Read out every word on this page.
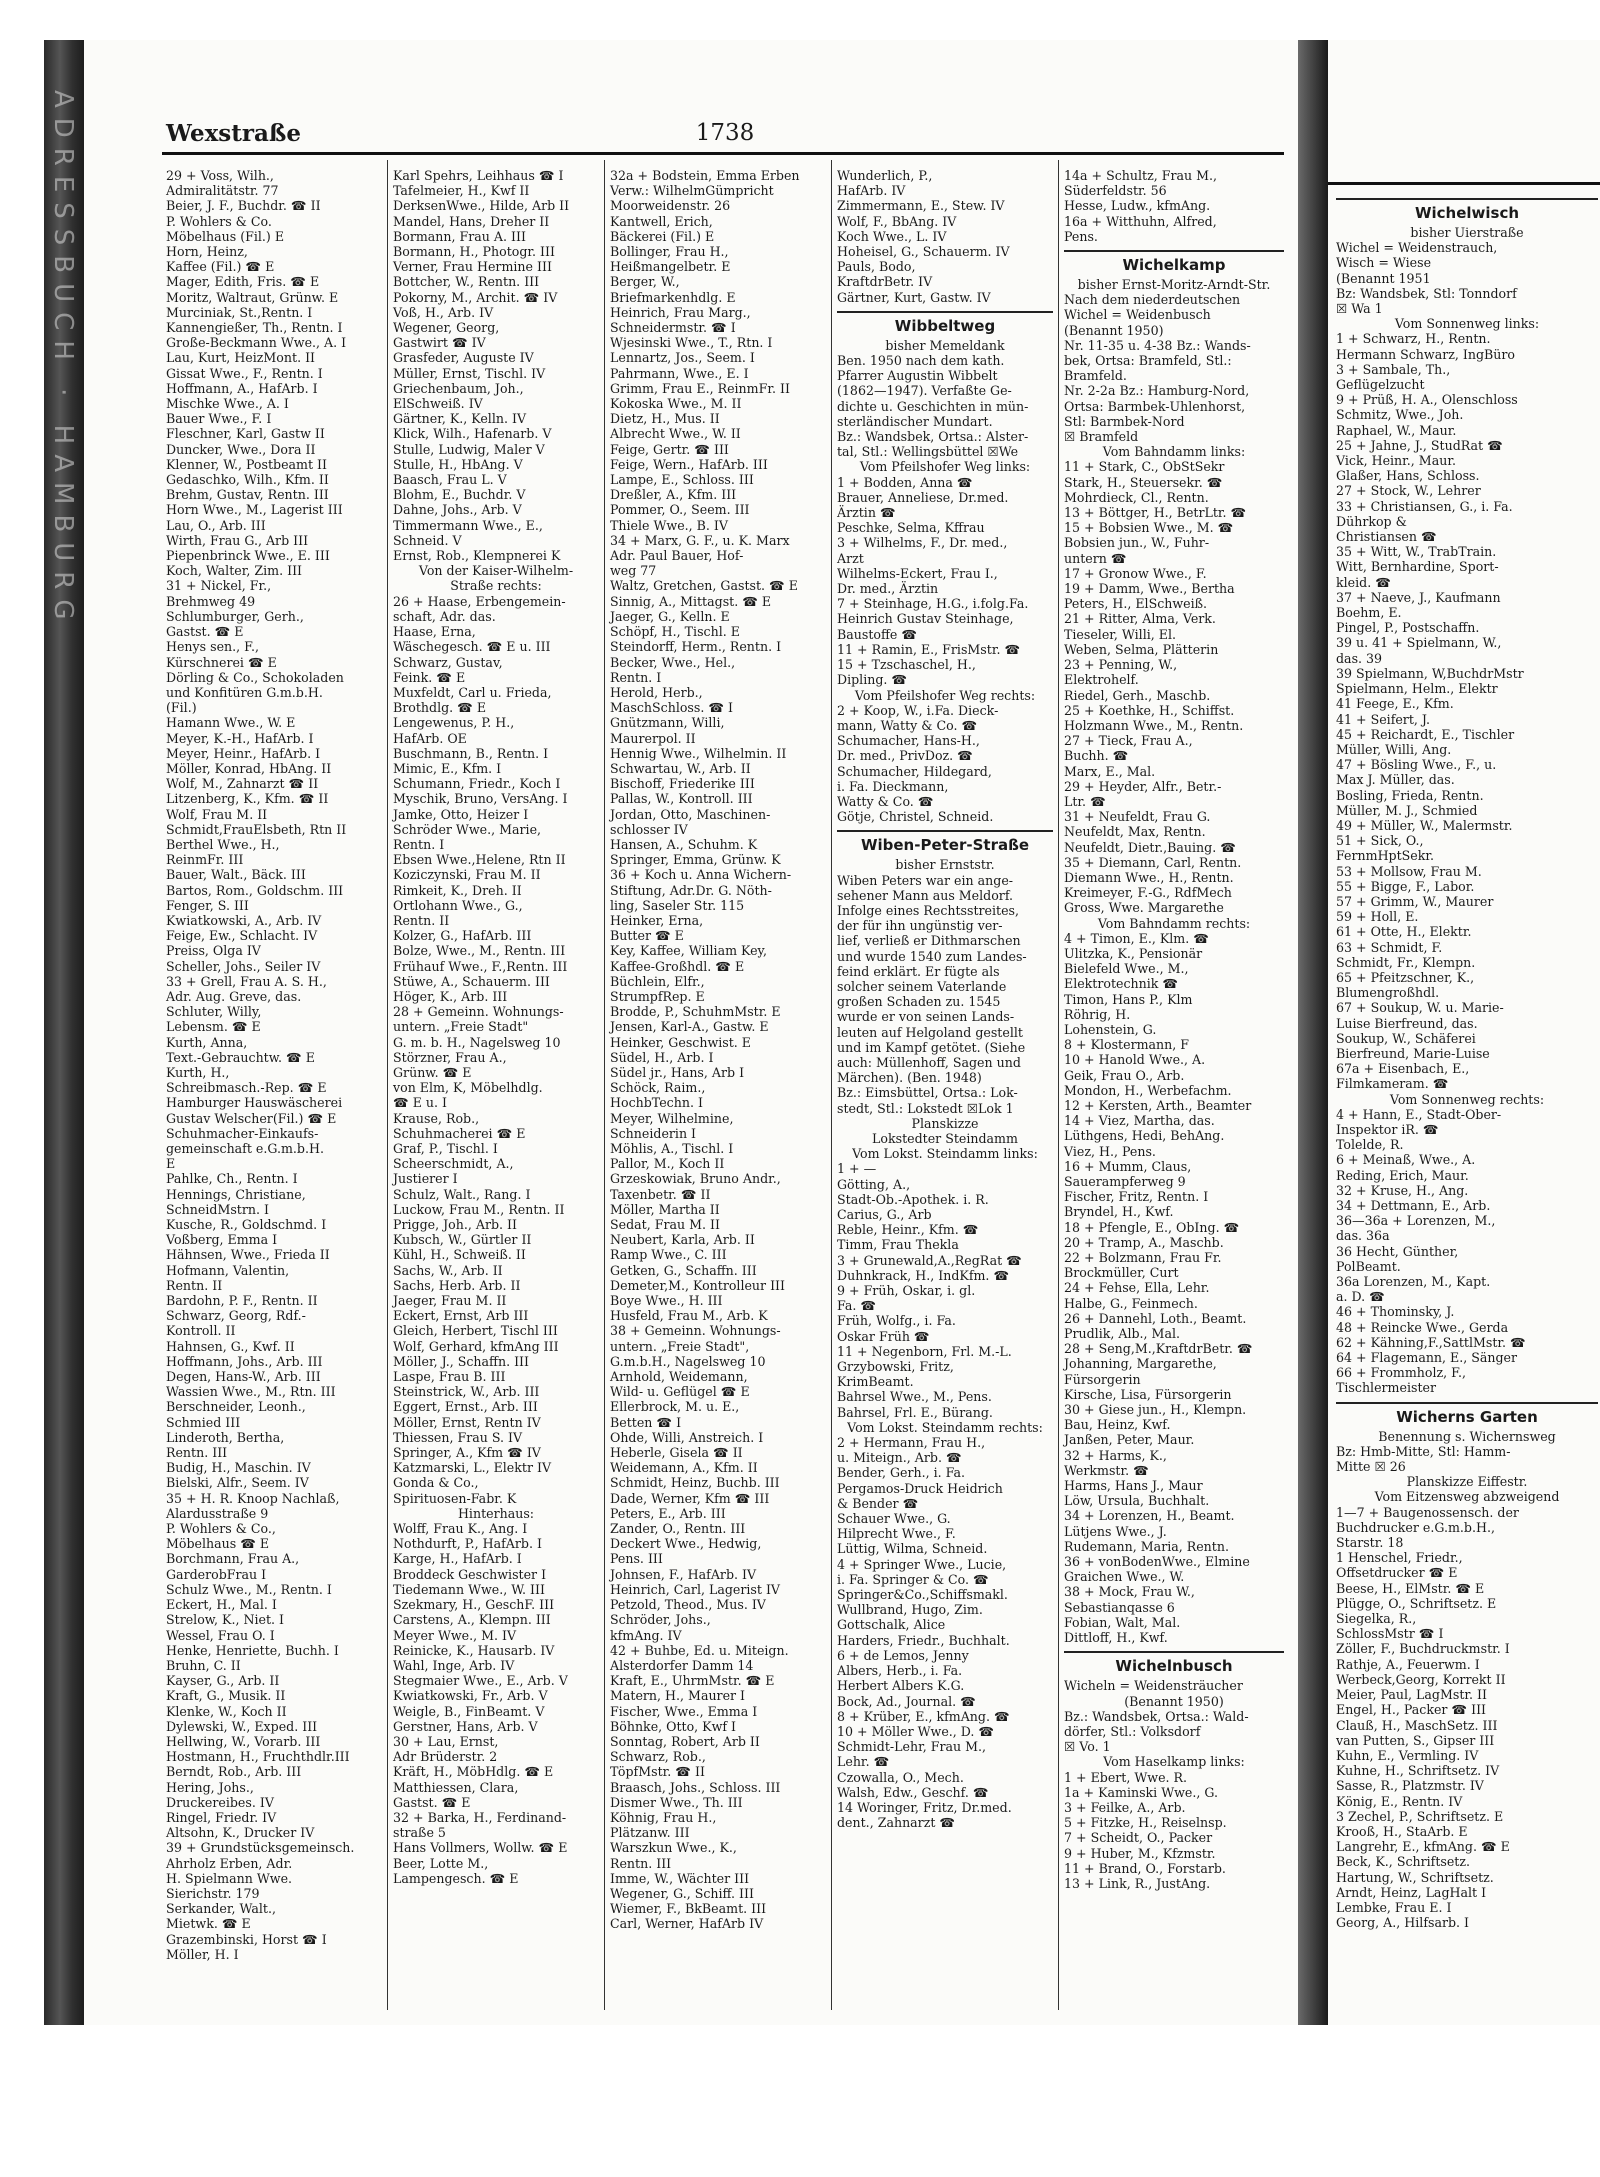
ADRESSBUCH · HAMBURG	Wichelwisch
bisher Uierstraße
Wichel = Weidenstrauch,
Wisch = Wiese
(Benannt 1951
Bz: Wandsbek, Stl: Tonndorf
☒ Wa 1
Vom Sonnenweg links:
1 + Schwarz, H., Rentn.
Hermann Schwarz, IngBüro
3 + Sambale, Th.,
Geflügelzucht
9 + Prüß, H. A., Olenschloss
Schmitz, Wwe., Joh.
Raphael, W., Maur.
25 + Jahne, J., StudRat ☎
Vick, Heinr., Maur.
Glaßer, Hans, Schloss.
27 + Stock, W., Lehrer
33 + Christiansen, G., i. Fa.
Dührkop &
Christiansen ☎
35 + Witt, W., TrabTrain.
Witt, Bernhardine, Sport-
kleid. ☎
37 + Naeve, J., Kaufmann
Boehm, E.
Pingel, P., Postschaffn.
39 u. 41 + Spielmann, W.,
das. 39
39 Spielmann, W,BuchdrMstr
Spielmann, Helm., Elektr
41 Feege, E., Kfm.
41 + Seifert, J.
45 + Reichardt, E., Tischler
Müller, Willi, Ang.
47 + Bösling Wwe., F., u.
Max J. Müller, das.
Bosling, Frieda, Rentn.
Müller, M. J., Schmied
49 + Müller, W., Malermstr.
51 + Sick, O.,
FernmHptSekr.
53 + Mollsow, Frau M.
55 + Bigge, F., Labor.
57 + Grimm, W., Maurer
59 + Holl, E.
61 + Otte, H., Elektr.
63 + Schmidt, F.
Schmidt, Fr., Klempn.
65 + Pfeitzschner, K.,
Blumengroßhdl.
67 + Soukup, W. u. Marie-
Luise Bierfreund, das.
Soukup, W., Schäferei
Bierfreund, Marie-Luise
67a + Eisenbach, E.,
Filmkameram. ☎
Vom Sonnenweg rechts:
4 + Hann, E., Stadt-Ober-
Inspektor iR. ☎
Tolelde, R.
6 + Meinaß, Wwe., A.
Reding, Erich, Maur.
32 + Kruse, H., Ang.
34 + Dettmann, E., Arb.
36—36a + Lorenzen, M.,
das. 36a
36 Hecht, Günther,
PolBeamt.
36a Lorenzen, M., Kapt.
a. D. ☎
46 + Thominsky, J.
48 + Reincke Wwe., Gerda
62 + Kähning,F.,SattlMstr. ☎
64 + Flagemann, E., Sänger
66 + Frommholz, F.,
Tischlermeister
Wicherns Garten
Benennung s. Wichernsweg
Bz: Hmb-Mitte, Stl: Hamm-
Mitte ☒ 26
Planskizze Eiffestr.
Vom Eitzensweg abzweigend
1—7 + Baugenossensch. der
Buchdrucker e.G.m.b.H.,
Starstr. 18
1 Henschel, Friedr.,
Offsetdrucker ☎ E
Beese, H., ElMstr. ☎ E
Plügge, O., Schriftsetz. E
Siegelka, R.,
SchlossMstr ☎ I
Zöller, F., Buchdruckmstr. I
Rathje, A., Feuerwm. I
Werbeck,Georg, Korrekt II
Meier, Paul, LagMstr. II
Engel, H., Packer ☎ III
Clauß, H., MaschSetz. III
van Putten, S., Gipser III
Kuhn, E., Vermling. IV
Kuhne, H., Schriftsetz. IV
Sasse, R., Platzmstr. IV
König, E., Rentn. IV
3 Zechel, P., Schriftsetz. E
Krooß, H., StaArb. E
Langrehr, E., kfmAng. ☎ E
Beck, K., Schriftsetz.
Hartung, W., Schriftsetz.
Arndt, Heinz, LagHalt I
Lembke, Frau E. I
Georg, A., Hilfsarb. I
Wexstraße	1738
29 + Voss, Wilh.,
Admiralitätstr. 77
Beier, J. F., Buchdr. ☎ II
P. Wohlers & Co.
Möbelhaus (Fil.) E
Horn, Heinz,
Kaffee (Fil.) ☎ E
Mager, Edith, Fris. ☎ E
Moritz, Waltraut, Grünw. E
Murciniak, St.,Rentn. I
Kannengießer, Th., Rentn. I
Große-Beckmann Wwe., A. I
Lau, Kurt, HeizMont. II
Gissat Wwe., F., Rentn. I
Hoffmann, A., HafArb. I
Mischke Wwe., A. I
Bauer Wwe., F. I
Fleschner, Karl, Gastw II
Duncker, Wwe., Dora II
Klenner, W., Postbeamt II
Gedaschko, Wilh., Kfm. II
Brehm, Gustav, Rentn. III
Horn Wwe., M., Lagerist III
Lau, O., Arb. III
Wirth, Frau G., Arb III
Piepenbrinck Wwe., E. III
Koch, Walter, Zim. III
31 + Nickel, Fr.,
Brehmweg 49
Schlumburger, Gerh.,
Gastst. ☎ E
Henys sen., F.,
Kürschnerei ☎ E
Dörling & Co., Schokoladen
und Konfitüren G.m.b.H.
(Fil.)
Hamann Wwe., W. E
Meyer, K.-H., HafArb. I
Meyer, Heinr., HafArb. I
Möller, Konrad, HbAng. II
Wolf, M., Zahnarzt ☎ II
Litzenberg, K., Kfm. ☎ II
Wolf, Frau M. II
Schmidt,FrauElsbeth, Rtn II
Berthel Wwe., H.,
ReinmFr. III
Bauer, Walt., Bäck. III
Bartos, Rom., Goldschm. III
Fenger, S. III
Kwiatkowski, A., Arb. IV
Feige, Ew., Schlacht. IV
Preiss, Olga IV
Scheller, Johs., Seiler IV
33 + Grell, Frau A. S. H.,
Adr. Aug. Greve, das.
Schluter, Willy,
Lebensm. ☎ E
Kurth, Anna,
Text.-Gebrauchtw. ☎ E
Kurth, H.,
Schreibmasch.-Rep. ☎ E
Hamburger Hauswäscherei
Gustav Welscher(Fil.) ☎ E
Schuhmacher-Einkaufs-
gemeinschaft e.G.m.b.H.
E
Pahlke, Ch., Rentn. I
Hennings, Christiane,
SchneidMstrn. I
Kusche, R., Goldschmd. I
Voßberg, Emma I
Hähnsen, Wwe., Frieda II
Hofmann, Valentin,
Rentn. II
Bardohn, P. F., Rentn. II
Schwarz, Georg, Rdf.-
Kontroll. II
Hahnsen, G., Kwf. II
Hoffmann, Johs., Arb. III
Degen, Hans-W., Arb. III
Wassien Wwe., M., Rtn. III
Berschneider, Leonh.,
Schmied III
Linderoth, Bertha,
Rentn. III
Budig, H., Maschin. IV
Bielski, Alfr., Seem. IV
35 + H. R. Knoop Nachlaß,
Alardusstraße 9
P. Wohlers & Co.,
Möbelhaus ☎ E
Borchmann, Frau A.,
GarderobFrau I
Schulz Wwe., M., Rentn. I
Eckert, H., Mal. I
Strelow, K., Niet. I
Wessel, Frau O. I
Henke, Henriette, Buchh. I
Bruhn, C. II
Kayser, G., Arb. II
Kraft, G., Musik. II
Klenke, W., Koch II
Dylewski, W., Exped. III
Hellwing, W., Vorarb. III
Hostmann, H., Fruchthdlr.III
Berndt, Rob., Arb. III
Hering, Johs.,
Druckereibes. IV
Ringel, Friedr. IV
Altsohn, K., Drucker IV
39 + Grundstücksgemeinsch.
Ahrholz Erben, Adr.
H. Spielmann Wwe.
Sierichstr. 179
Serkander, Walt.,
Mietwk. ☎ E
Grazembinski, Horst ☎ I
Möller, H. I
Karl Spehrs, Leihhaus ☎ I
Tafelmeier, H., Kwf II
DerksenWwe., Hilde, Arb II
Mandel, Hans, Dreher II
Bormann, Frau A. III
Bormann, H., Photogr. III
Verner, Frau Hermine III
Bottcher, W., Rentn. III
Pokorny, M., Archit. ☎ IV
Voß, H., Arb. IV
Wegener, Georg,
Gastwirt ☎ IV
Grasfeder, Auguste IV
Müller, Ernst, Tischl. IV
Griechenbaum, Joh.,
ElSchweiß. IV
Gärtner, K., Kelln. IV
Klick, Wilh., Hafenarb. V
Stulle, Ludwig, Maler V
Stulle, H., HbAng. V
Baasch, Frau L. V
Blohm, E., Buchdr. V
Dahne, Johs., Arb. V
Timmermann Wwe., E.,
Schneid. V
Ernst, Rob., Klempnerei K
Von der Kaiser-Wilhelm-
Straße rechts:
26 + Haase, Erbengemein-
schaft, Adr. das.
Haase, Erna,
Wäschegesch. ☎ E u. III
Schwarz, Gustav,
Feink. ☎ E
Muxfeldt, Carl u. Frieda,
Brothdlg. ☎ E
Lengewenus, P. H.,
HafArb. OE
Buschmann, B., Rentn. I
Mimic, E., Kfm. I
Schumann, Friedr., Koch I
Myschik, Bruno, VersAng. I
Jamke, Otto, Heizer I
Schröder Wwe., Marie,
Rentn. I
Ebsen Wwe.,Helene, Rtn II
Koziczynski, Frau M. II
Rimkeit, K., Dreh. II
Ortlohann Wwe., G.,
Rentn. II
Kolzer, G., HafArb. III
Bolze, Wwe., M., Rentn. III
Frühauf Wwe., F.,Rentn. III
Stüwe, A., Schauerm. III
Höger, K., Arb. III
28 + Gemeinn. Wohnungs-
untern. „Freie Stadt"
G. m. b. H., Nagelsweg 10
Störzner, Frau A.,
Grünw. ☎ E
von Elm, K, Möbelhdlg.
☎ E u. I
Krause, Rob.,
Schuhmacherei ☎ E
Graf, P., Tischl. I
Scheerschmidt, A.,
Justierer I
Schulz, Walt., Rang. I
Luckow, Frau M., Rentn. II
Prigge, Joh., Arb. II
Kubsch, W., Gürtler II
Kühl, H., Schweiß. II
Sachs, W., Arb. II
Sachs, Herb. Arb. II
Jaeger, Frau M. II
Eckert, Ernst, Arb III
Gleich, Herbert, Tischl III
Wolf, Gerhard, kfmAng III
Möller, J., Schaffn. III
Laspe, Frau B. III
Steinstrick, W., Arb. III
Eggert, Ernst., Arb. III
Möller, Ernst, Rentn IV
Thiessen, Frau S. IV
Springer, A., Kfm ☎ IV
Katzmarski, L., Elektr IV
Gonda & Co.,
Spirituosen-Fabr. K
Hinterhaus:
Wolff, Frau K., Ang. I
Nothdurft, P., HafArb. I
Karge, H., HafArb. I
Broddeck Geschwister I
Tiedemann Wwe., W. III
Szekmary, H., GeschF. III
Carstens, A., Klempn. III
Meyer Wwe., M. IV
Reinicke, K., Hausarb. IV
Wahl, Inge, Arb. IV
Stegmaier Wwe., E., Arb. V
Kwiatkowski, Fr., Arb. V
Weigle, B., FinBeamt. V
Gerstner, Hans, Arb. V
30 + Lau, Ernst,
Adr Brüderstr. 2
Kräft, H., MöbHdlg. ☎ E
Matthiessen, Clara,
Gastst. ☎ E
32 + Barka, H., Ferdinand-
straße 5
Hans Vollmers, Wollw. ☎ E
Beer, Lotte M.,
Lampengesch. ☎ E
32a + Bodstein, Emma Erben
Verw.: WilhelmGümpricht
Moorweidenstr. 26
Kantwell, Erich,
Bäckerei (Fil.) E
Bollinger, Frau H.,
Heißmangelbetr. E
Berger, W.,
Briefmarkenhdlg. E
Heinrich, Frau Marg.,
Schneidermstr. ☎ I
Wjesinski Wwe., T., Rtn. I
Lennartz, Jos., Seem. I
Pahrmann, Wwe., E. I
Grimm, Frau E., ReinmFr. II
Kokoska Wwe., M. II
Dietz, H., Mus. II
Albrecht Wwe., W. II
Feige, Gertr. ☎ III
Feige, Wern., HafArb. III
Lampe, E., Schloss. III
Dreßler, A., Kfm. III
Pommer, O., Seem. III
Thiele Wwe., B. IV
34 + Marx, G. F., u. K. Marx
Adr. Paul Bauer, Hof-
weg 77
Waltz, Gretchen, Gastst. ☎ E
Sinnig, A., Mittagst. ☎ E
Jaeger, G., Kelln. E
Schöpf, H., Tischl. E
Steindorff, Herm., Rentn. I
Becker, Wwe., Hel.,
Rentn. I
Herold, Herb.,
MaschSchloss. ☎ I
Gnützmann, Willi,
Maurerpol. II
Hennig Wwe., Wilhelmin. II
Schwartau, W., Arb. II
Bischoff, Friederike III
Pallas, W., Kontroll. III
Jordan, Otto, Maschinen-
schlosser IV
Hansen, A., Schuhm. K
Springer, Emma, Grünw. K
36 + Koch u. Anna Wichern-
Stiftung, Adr.Dr. G. Nöth-
ling, Saseler Str. 115
Heinker, Erna,
Butter ☎ E
Key, Kaffee, William Key,
Kaffee-Großhdl. ☎ E
Büchlein, Elfr.,
StrumpfRep. E
Brodde, P., SchuhmMstr. E
Jensen, Karl-A., Gastw. E
Heinker, Geschwist. E
Südel, H., Arb. I
Südel jr., Hans, Arb I
Schöck, Raim.,
HochbTechn. I
Meyer, Wilhelmine,
Schneiderin I
Möhlis, A., Tischl. I
Pallor, M., Koch II
Grzeskowiak, Bruno Andr.,
Taxenbetr. ☎ II
Möller, Martha II
Sedat, Frau M. II
Neubert, Karla, Arb. II
Ramp Wwe., C. III
Getken, G., Schaffn. III
Demeter,M., Kontrolleur III
Boye Wwe., H. III
Husfeld, Frau M., Arb. K
38 + Gemeinn. Wohnungs-
untern. „Freie Stadt",
G.m.b.H., Nagelsweg 10
Arnhold, Weidemann,
Wild- u. Geflügel ☎ E
Ellerbrock, M. u. E.,
Betten ☎ I
Ohde, Willi, Anstreich. I
Heberle, Gisela ☎ II
Weidemann, A., Kfm. II
Schmidt, Heinz, Buchb. III
Dade, Werner, Kfm ☎ III
Peters, E., Arb. III
Zander, O., Rentn. III
Deckert Wwe., Hedwig,
Pens. III
Johnsen, F., HafArb. IV
Heinrich, Carl, Lagerist IV
Petzold, Theod., Mus. IV
Schröder, Johs.,
kfmAng. IV
42 + Buhbe, Ed. u. Miteign.
Alsterdorfer Damm 14
Kraft, E., UhrmMstr. ☎ E
Matern, H., Maurer I
Fischer, Wwe., Emma I
Böhnke, Otto, Kwf I
Sonntag, Robert, Arb II
Schwarz, Rob.,
TöpfMstr. ☎ II
Braasch, Johs., Schloss. III
Dismer Wwe., Th. III
Köhnig, Frau H.,
Plätzanw. III
Warszkun Wwe., K.,
Rentn. III
Imme, W., Wächter III
Wegener, G., Schiff. III
Wiemer, F., BkBeamt. III
Carl, Werner, HafArb IV
Wunderlich, P.,
HafArb. IV
Zimmermann, E., Stew. IV
Wolf, F., BbAng. IV
Koch Wwe., L. IV
Hoheisel, G., Schauerm. IV
Pauls, Bodo,
KraftdrBetr. IV
Gärtner, Kurt, Gastw. IV
Wibbeltweg
bisher Memeldank
Ben. 1950 nach dem kath.
Pfarrer Augustin Wibbelt
(1862—1947). Verfaßte Ge-
dichte u. Geschichten in mün-
sterländischer Mundart.
Bz.: Wandsbek, Ortsa.: Alster-
tal, Stl.: Wellingsbüttel ☒We
Vom Pfeilshofer Weg links:
1 + Bodden, Anna ☎
Brauer, Anneliese, Dr.med.
Ärztin ☎
Peschke, Selma, Kffrau
3 + Wilhelms, F., Dr. med.,
Arzt
Wilhelms-Eckert, Frau I.,
Dr. med., Ärztin
7 + Steinhage, H.G., i.folg.Fa.
Heinrich Gustav Steinhage,
Baustoffe ☎
11 + Ramin, E., FrisMstr. ☎
15 + Tzschaschel, H.,
Dipling. ☎
Vom Pfeilshofer Weg rechts:
2 + Koop, W., i.Fa. Dieck-
mann, Watty & Co. ☎
Schumacher, Hans-H.,
Dr. med., PrivDoz. ☎
Schumacher, Hildegard,
i. Fa. Dieckmann,
Watty & Co. ☎
Götje, Christel, Schneid.
Wiben-Peter-Straße
bisher Ernststr.
Wiben Peters war ein ange-
sehener Mann aus Meldorf.
Infolge eines Rechtsstreites,
der für ihn ungünstig ver-
lief, verließ er Dithmarschen
und wurde 1540 zum Landes-
feind erklärt. Er fügte als
solcher seinem Vaterlande
großen Schaden zu. 1545
wurde er von seinen Lands-
leuten auf Helgoland gestellt
und im Kampf getötet. (Siehe
auch: Müllenhoff, Sagen und
Märchen). (Ben. 1948)
Bz.: Eimsbüttel, Ortsa.: Lok-
stedt, Stl.: Lokstedt ☒Lok 1
Planskizze
Lokstedter Steindamm
Vom Lokst. Steindamm links:
1 + —
Götting, A.,
Stadt-Ob.-Apothek. i. R.
Carius, G., Arb
Reble, Heinr., Kfm. ☎
Timm, Frau Thekla
3 + Grunewald,A.,RegRat ☎
Duhnkrack, H., IndKfm. ☎
9 + Früh, Oskar, i. gl.
Fa. ☎
Früh, Wolfg., i. Fa.
Oskar Früh ☎
11 + Negenborn, Frl. M.-L.
Grzybowski, Fritz,
KrimBeamt.
Bahrsel Wwe., M., Pens.
Bahrsel, Frl. E., Bürang.
Vom Lokst. Steindamm rechts:
2 + Hermann, Frau H.,
u. Miteign., Arb. ☎
Bender, Gerh., i. Fa.
Pergamos-Druck Heidrich
& Bender ☎
Schauer Wwe., G.
Hilprecht Wwe., F.
Lüttig, Wilma, Schneid.
4 + Springer Wwe., Lucie,
i. Fa. Springer & Co. ☎
Springer&Co.,Schiffsmakl.
Wullbrand, Hugo, Zim.
Gottschalk, Alice
Harders, Friedr., Buchhalt.
6 + de Lemos, Jenny
Albers, Herb., i. Fa.
Herbert Albers K.G.
Bock, Ad., Journal. ☎
8 + Krüber, E., kfmAng. ☎
10 + Möller Wwe., D. ☎
Schmidt-Lehr, Frau M.,
Lehr. ☎
Czowalla, O., Mech.
Walsh, Edw., Geschf. ☎
14 Woringer, Fritz, Dr.med.
dent., Zahnarzt ☎
14a + Schultz, Frau M.,
Süderfeldstr. 56
Hesse, Ludw., kfmAng.
16a + Witthuhn, Alfred,
Pens.
Wichelkamp
bisher Ernst-Moritz-Arndt-Str.
Nach dem niederdeutschen
Wichel = Weidenbusch
(Benannt 1950)
Nr. 11-35 u. 4-38 Bz.: Wands-
bek, Ortsa: Bramfeld, Stl.:
Bramfeld.
Nr. 2-2a Bz.: Hamburg-Nord,
Ortsa: Barmbek-Uhlenhorst,
Stl: Barmbek-Nord
☒ Bramfeld
Vom Bahndamm links:
11 + Stark, C., ObStSekr
Stark, H., Steuersekr. ☎
Mohrdieck, Cl., Rentn.
13 + Böttger, H., BetrLtr. ☎
15 + Bobsien Wwe., M. ☎
Bobsien jun., W., Fuhr-
untern ☎
17 + Gronow Wwe., F.
19 + Damm, Wwe., Bertha
Peters, H., ElSchweiß.
21 + Ritter, Alma, Verk.
Tieseler, Willi, El.
Weben, Selma, Plätterin
23 + Penning, W.,
Elektrohelf.
Riedel, Gerh., Maschb.
25 + Koethke, H., Schiffst.
Holzmann Wwe., M., Rentn.
27 + Tieck, Frau A.,
Buchh. ☎
Marx, E., Mal.
29 + Heyder, Alfr., Betr.-
Ltr. ☎
31 + Neufeldt, Frau G.
Neufeldt, Max, Rentn.
Neufeldt, Dietr.,Bauing. ☎
35 + Diemann, Carl, Rentn.
Diemann Wwe., H., Rentn.
Kreimeyer, F.-G., RdfMech
Gross, Wwe. Margarethe
Vom Bahndamm rechts:
4 + Timon, E., Klm. ☎
Ulitzka, K., Pensionär
Bielefeld Wwe., M.,
Elektrotechnik ☎
Timon, Hans P., Klm
Röhrig, H.
Lohenstein, G.
8 + Klostermann, F
10 + Hanold Wwe., A.
Geik, Frau O., Arb.
Mondon, H., Werbefachm.
12 + Kersten, Arth., Beamter
14 + Viez, Martha, das.
Lüthgens, Hedi, BehAng.
Viez, H., Pens.
16 + Mumm, Claus,
Sauerampferweg 9
Fischer, Fritz, Rentn. I
Bryndel, H., Kwf.
18 + Pfengle, E., ObIng. ☎
20 + Tramp, A., Maschb.
22 + Bolzmann, Frau Fr.
Brockmüller, Curt
24 + Fehse, Ella, Lehr.
Halbe, G., Feinmech.
26 + Dannehl, Loth., Beamt.
Prudlik, Alb., Mal.
28 + Seng,M.,KraftdrBetr. ☎
Johanning, Margarethe,
Fürsorgerin
Kirsche, Lisa, Fürsorgerin
30 + Giese jun., H., Klempn.
Bau, Heinz, Kwf.
Janßen, Peter, Maur.
32 + Harms, K.,
Werkmstr. ☎
Harms, Hans J., Maur
Löw, Ursula, Buchhalt.
34 + Lorenzen, H., Beamt.
Lütjens Wwe., J.
Rudemann, Maria, Rentn.
36 + vonBodenWwe., Elmine
Graichen Wwe., W.
38 + Mock, Frau W.,
Sebastianqasse 6
Fobian, Walt, Mal.
Dittloff, H., Kwf.
Wichelnbusch
Wicheln = Weidensträucher
(Benannt 1950)
Bz.: Wandsbek, Ortsa.: Wald-
dörfer, Stl.: Volksdorf
☒ Vo. 1
Vom Haselkamp links:
1 + Ebert, Wwe. R.
1a + Kaminski Wwe., G.
3 + Feilke, A., Arb.
5 + Fitzke, H., Reiselnsp.
7 + Scheidt, O., Packer
9 + Huber, M., Kfzmstr.
11 + Brand, O., Forstarb.
13 + Link, R., JustAng.
